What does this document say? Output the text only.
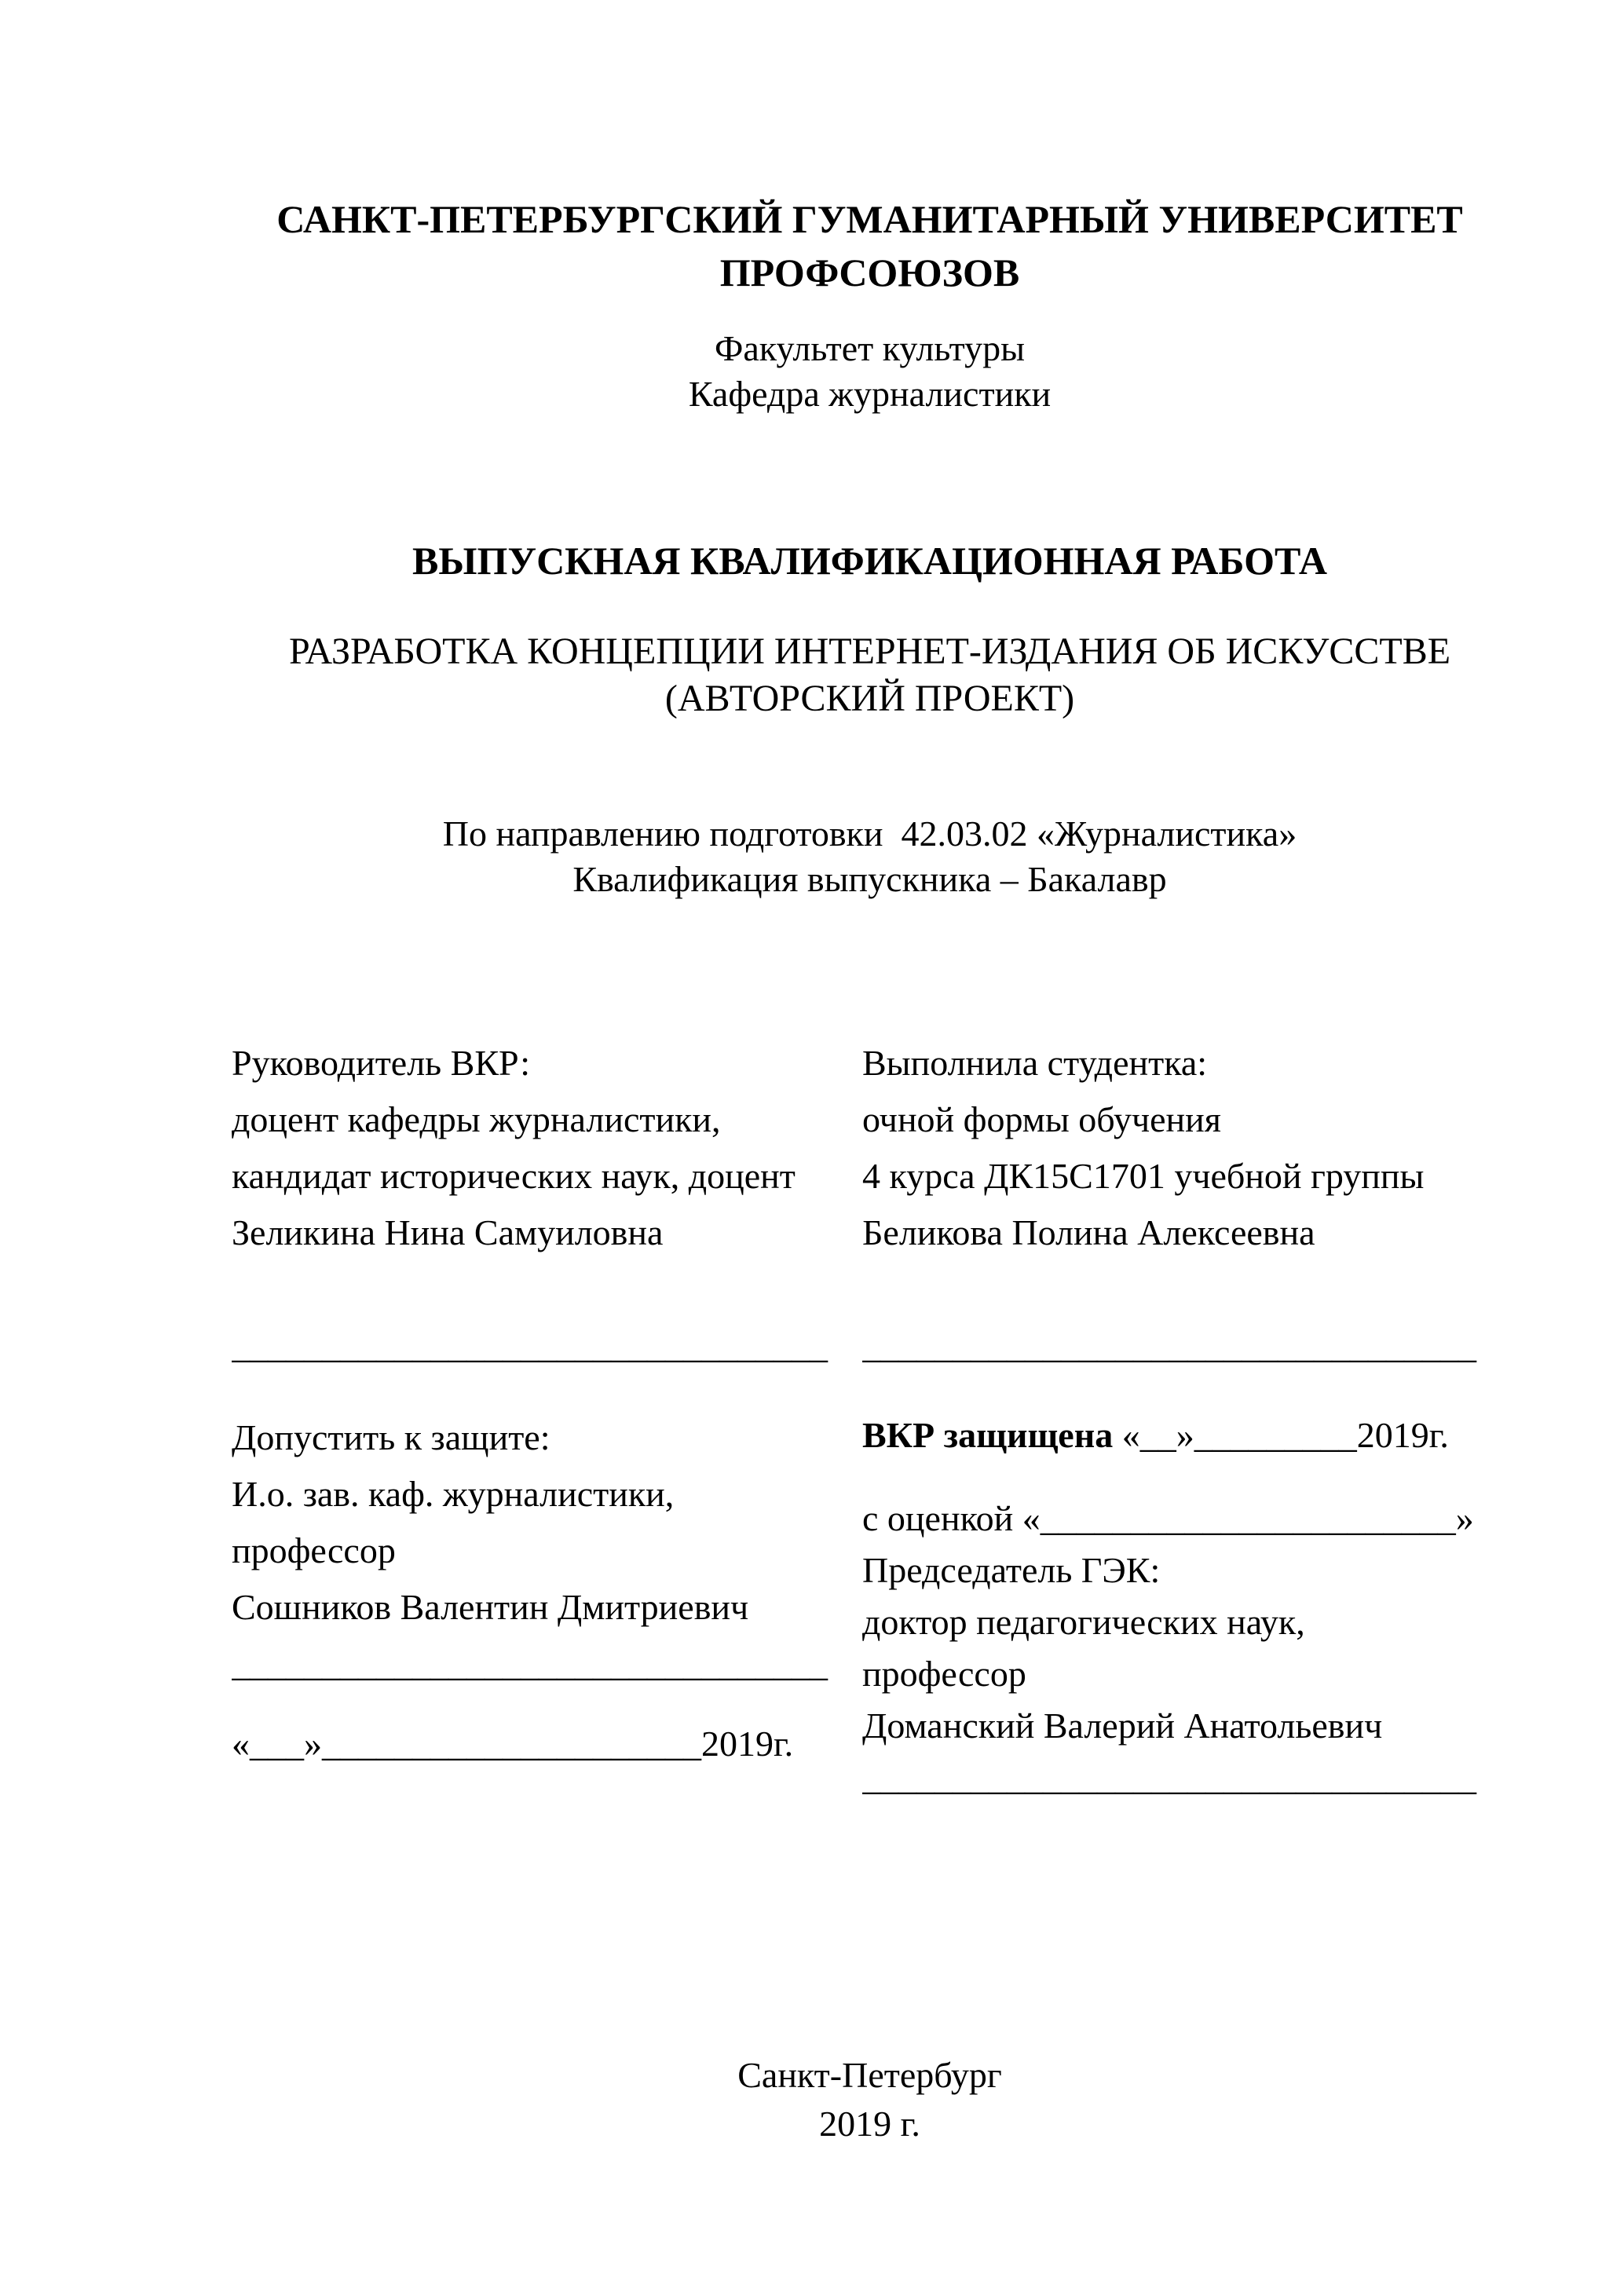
САНКТ-ПЕТЕРБУРГСКИЙ ГУМАНИТАРНЫЙ УНИВЕРСИТЕТ
ПРОФСОЮЗОВ
Факультет культуры
Кафедра журналистики
ВЫПУСКНАЯ КВАЛИФИКАЦИОННАЯ РАБОТА
РАЗРАБОТКА КОНЦЕПЦИИ ИНТЕРНЕТ-ИЗДАНИЯ ОБ ИСКУССТВЕ
(АВТОРСКИЙ ПРОЕКТ)
По направлению подготовки  42.03.02 «Журналистика»
Квалификация выпускника – Бакалавр
Руководитель ВКР:
доцент кафедры журналистики,
кандидат исторических наук, доцент
Зеликина Нина Самуиловна
_________________________________
Допустить к защите:
И.о. зав. каф. журналистики,
профессор
Сошников Валентин Дмитриевич
_________________________________
«___»_____________________2019г.
Выполнила студентка:
очной формы обучения
4 курса ДК15С1701 учебной группы
Беликова Полина Алексеевна
__________________________________
ВКР защищена «__»_________2019г.
с оценкой «_______________________»
Председатель ГЭК:
доктор педагогических наук,
профессор
Доманский Валерий Анатольевич
__________________________________
Санкт-Петербург
2019 г.
